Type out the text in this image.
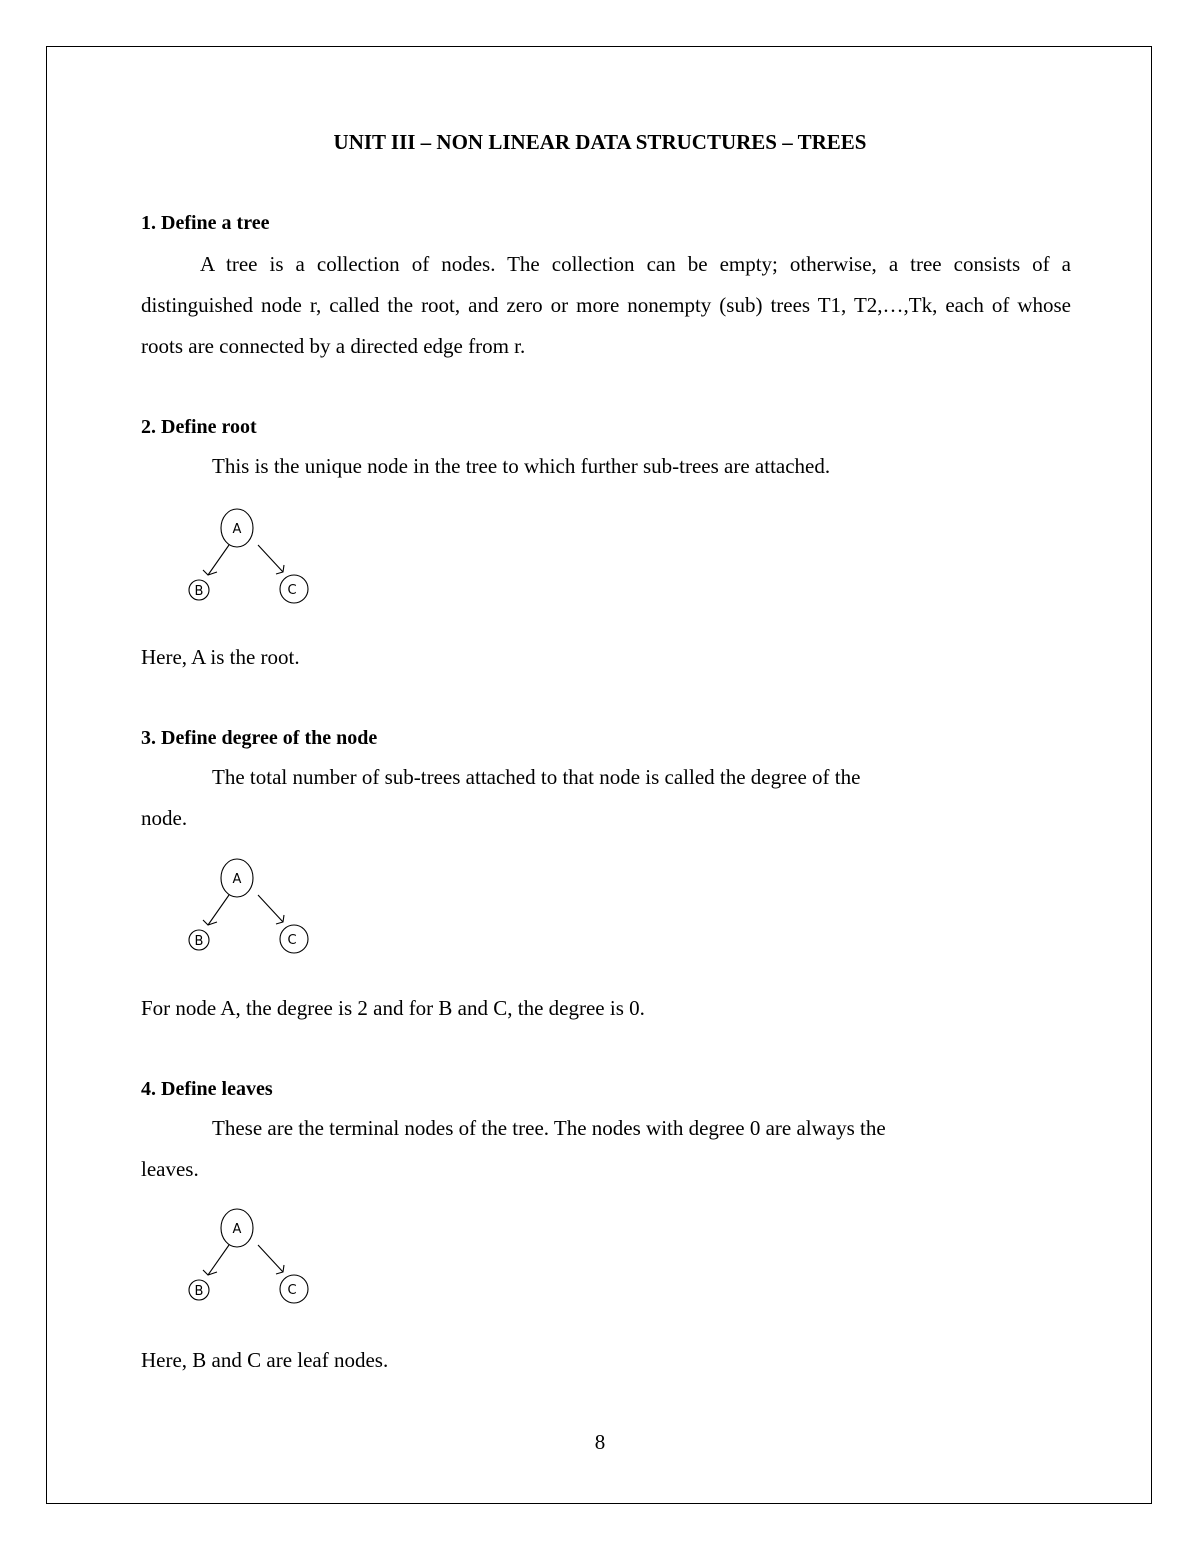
UNIT III – NON LINEAR DATA STRUCTURES – TREES
1. Define a tree
A tree is a collection of nodes. The collection can be empty; otherwise, a tree consists of a distinguished node r, called the root, and zero or more nonempty (sub) trees T1, T2,…,Tk, each of whose roots are connected by a directed edge from r.
2. Define root
This is the unique node in the tree to which further sub-trees are attached.
A
B	C
Here, A is the root.
3. Define degree of the node
The total number of sub-trees attached to that node is called the degree of the
node.
A
B	C
For node A, the degree is 2 and for B and C, the degree is 0.
4. Define leaves
These are the terminal nodes of the tree. The nodes with degree 0 are always the
leaves.
A
B	C
Here, B and C are leaf nodes.
8
